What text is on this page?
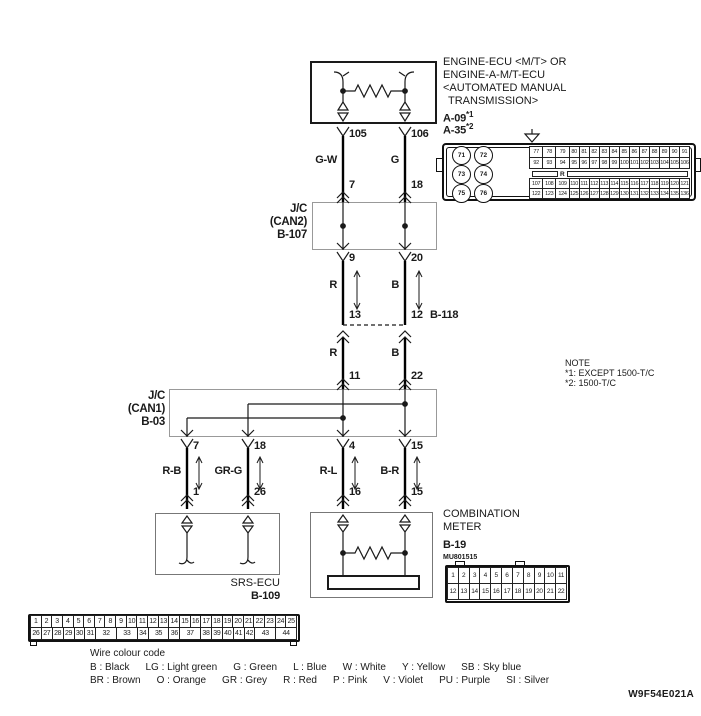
71	72
73	74
75	76
77	78	79	80 81 82 83 84 85 86 87 88 89 90 91
92	93	94	95 96 97 98 99 100 101 102 103 104 105 106
R
107 108 109 110 111 112 113 114 115 116 117 118 119 120 121
122 123 124 125 126 127 128 129 130 131 132 133 134 135 136
1	2	3	4	5	6	7	8	9 10 11
12 13 14 15 16 17 18 19 20 21 22
1	2	3	4	5	6	7	8	9 10 11 12 13 14 15 16 17 18 19 20 21 22 23 24 25
26 27 28 29 30 31	32	33	34	35	36	37	38 39 40 41 42	43	44
ENGINE-ECU <M/T> OR
ENGINE-A-M/T-ECU
<AUTOMATED MANUAL
TRANSMISSION>
$A-09^{*1}$
A-35$^{*2}$
105	106
G-W	G
7	18
J/C
(CAN2)
B-107
9	20
R	B
13	12 B-118
R	B
11	22
NOTE
*1: EXCEPT 1500-T/C
*2: 1500-T/C
J/C
(CAN1)
B-03
7	18	4	15
R-B	GR-G	R-L	B-R
1	26	16	15
SRS-ECU
B-109
COMBINATION
METER
B-19
MU801515
Wire colour code
B : Black LG : Light green G : Green L : Blue W : White Y : Yellow SB : Sky blue
BR : Brown O : Orange GR : Grey R : Red P : Pink V : Violet PU : Purple SI : Silver
W9F54E021A
